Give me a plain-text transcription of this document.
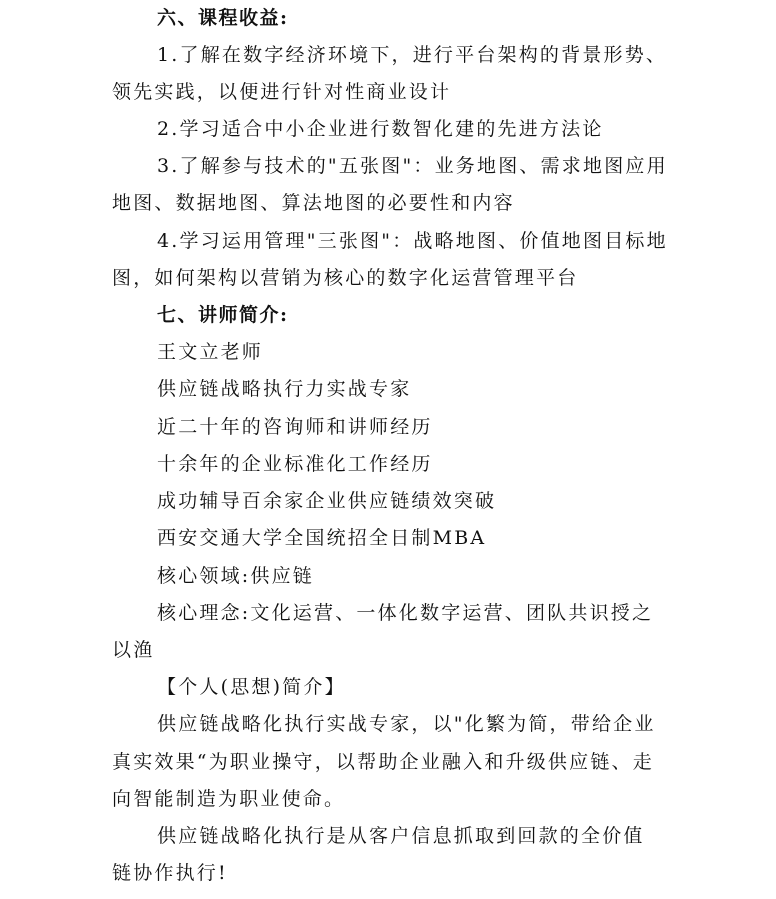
六、课程收益:
1.了解在数字经济环境下，进行平台架构的背景形势、
领先实践，以便进行针对性商业设计
2.学习适合中小企业进行数智化建的先进方法论
3.了解参与技术的"五张图"：业务地图、需求地图应用
地图、数据地图、算法地图的必要性和内容
4.学习运用管理"三张图"：战略地图、价值地图目标地
图，如何架构以营销为核心的数字化运营管理平台
七、讲师简介:
王文立老师
供应链战略执行力实战专家
近二十年的咨询师和讲师经历
十余年的企业标准化工作经历
成功辅导百余家企业供应链绩效突破
西安交通大学全国统招全日制MBA
核心领域:供应链
核心理念:文化运营、一体化数字运营、团队共识授之
以渔
【个人(思想)简介】
供应链战略化执行实战专家，以"化繁为简，带给企业
真实效果“为职业操守，以帮助企业融入和升级供应链、走
向智能制造为职业使命。
供应链战略化执行是从客户信息抓取到回款的全价值
链协作执行!
